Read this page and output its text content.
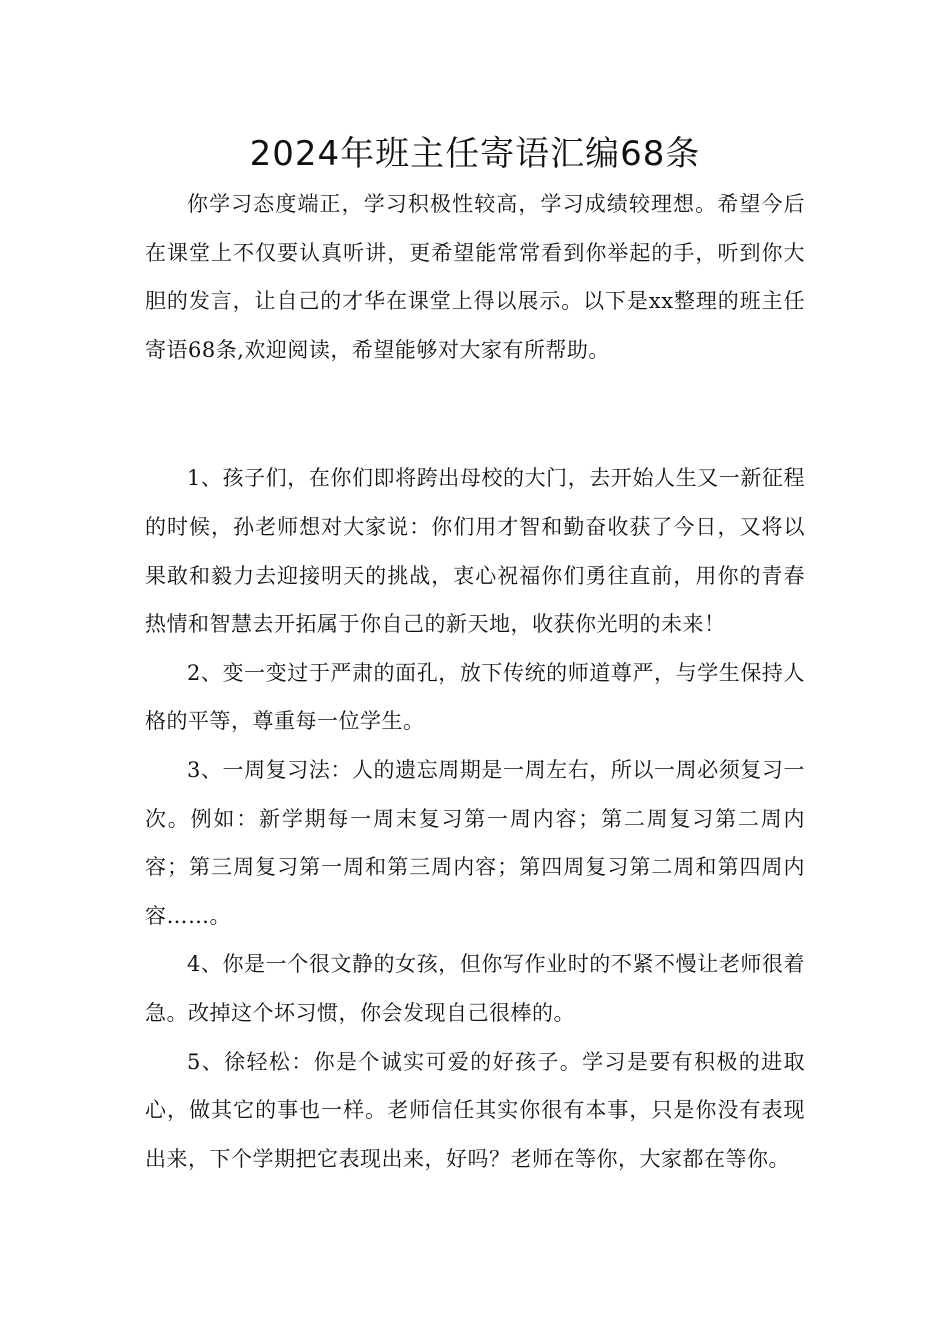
2024年班主任寄语汇编68条

你学习态度端正，学习积极性较高，学习成绩较理想。希望今后在课堂上不仅要认真听讲，更希望能常常看到你举起的手，听到你大胆的发言，让自己的才华在课堂上得以展示。以下是xx整理的班主任寄语68条,欢迎阅读，希望能够对大家有所帮助。

1、孩子们，在你们即将跨出母校的大门，去开始人生又一新征程的时候，孙老师想对大家说：你们用才智和勤奋收获了今日，又将以果敢和毅力去迎接明天的挑战，衷心祝福你们勇往直前，用你的青春热情和智慧去开拓属于你自己的新天地，收获你光明的未来！

2、变一变过于严肃的面孔，放下传统的师道尊严，与学生保持人格的平等，尊重每一位学生。

3、一周复习法：人的遗忘周期是一周左右，所以一周必须复习一次。例如：新学期每一周末复习第一周内容；第二周复习第二周内容；第三周复习第一周和第三周内容；第四周复习第二周和第四周内容……。

4、你是一个很文静的女孩，但你写作业时的不紧不慢让老师很着急。改掉这个坏习惯，你会发现自己很棒的。

5、徐轻松：你是个诚实可爱的好孩子。学习是要有积极的进取心，做其它的事也一样。老师信任其实你很有本事，只是你没有表现出来，下个学期把它表现出来，好吗？老师在等你，大家都在等你。
